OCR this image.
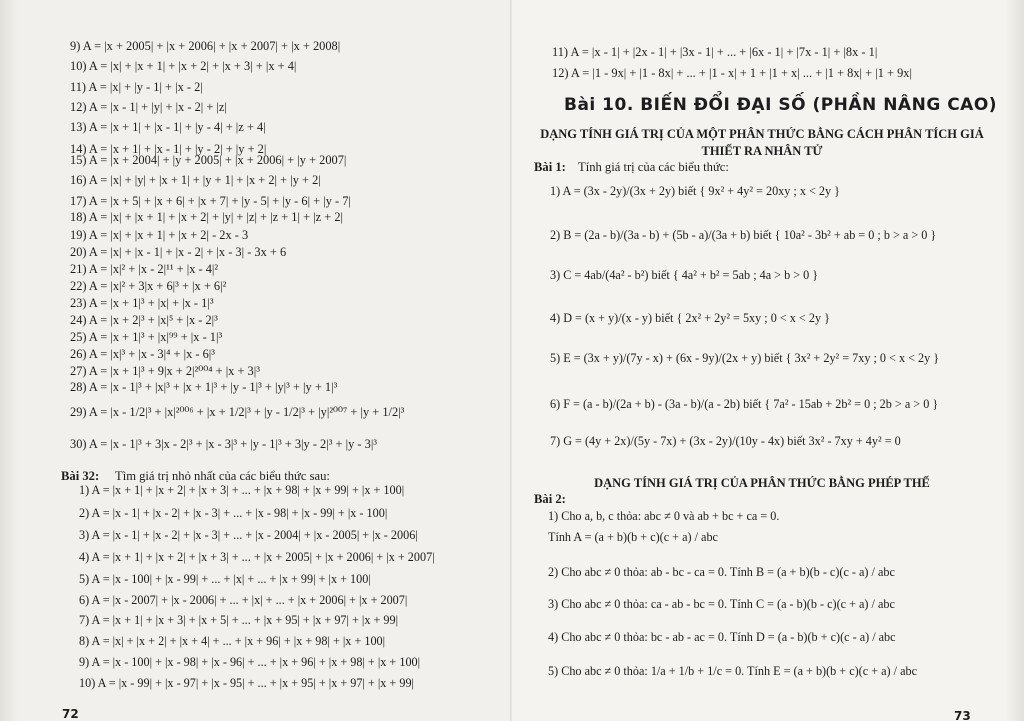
9) A = |x + 2005| + |x + 2006| + |x + 2007| + |x + 2008|
10) A = |x| + |x + 1| + |x + 2| + |x + 3| + |x + 4|
11) A = |x| + |y - 1| + |x - 2|
12) A = |x - 1| + |y| + |x - 2| + |z|
13) A = |x + 1| + |x - 1| + |y - 4| + |z + 4|
14) A = |x + 1| + |x - 1| + |y - 2| + |y + 2|
15) A = |x + 2004| + |y + 2005| + |x + 2006| + |y + 2007|
16) A = |x| + |y| + |x + 1| + |y + 1| + |x + 2| + |y + 2|
17) A = |x + 5| + |x + 6| + |x + 7| + |y - 5| + |y - 6| + |y - 7|
18) A = |x| + |x + 1| + |x + 2| + |y| + |z| + |z + 1| + |z + 2|
19) A = |x| + |x + 1| + |x + 2| - 2x - 3
20) A = |x| + |x - 1| + |x - 2| + |x - 3| - 3x + 6
21) A = |x|² + |x - 2|¹¹ + |x - 4|²
22) A = |x|² + 3|x + 6|³ + |x + 6|²
23) A = |x + 1|³ + |x| + |x - 1|³
24) A = |x + 2|³ + |x|⁵ + |x - 2|³
25) A = |x + 1|³ + |x|⁹⁹ + |x - 1|³
26) A = |x|³ + |x - 3|⁴ + |x - 6|³
27) A = |x + 1|³ + 9|x + 2|²⁰⁰⁴ + |x + 3|³
28) A = |x - 1|³ + |x|³ + |x + 1|³ + |y - 1|³ + |y|³ + |y + 1|³
29) A = |x - 1/2|³ + |x|²⁰⁰⁶ + |x + 1/2|³ + |y - 1/2|³ + |y|²⁰⁰⁷ + |y + 1/2|³
30) A = |x - 1|³ + 3|x - 2|³ + |x - 3|³ + |y - 1|³ + 3|y - 2|³ + |y - 3|³
Bài 32: Tìm giá trị nhỏ nhất của các biểu thức sau:
1) A = |x + 1| + |x + 2| + |x + 3| + ... + |x + 98| + |x + 99| + |x + 100|
2) A = |x - 1| + |x - 2| + |x - 3| + ... + |x - 98| + |x - 99| + |x - 100|
3) A = |x - 1| + |x - 2| + |x - 3| + ... + |x - 2004| + |x - 2005| + |x - 2006|
4) A = |x + 1| + |x + 2| + |x + 3| + ... + |x + 2005| + |x + 2006| + |x + 2007|
5) A = |x - 100| + |x - 99| + ... + |x| + ... + |x + 99| + |x + 100|
6) A = |x - 2007| + |x - 2006| + ... + |x| + ... + |x + 2006| + |x + 2007|
7) A = |x + 1| + |x + 3| + |x + 5| + ... + |x + 95| + |x + 97| + |x + 99|
8) A = |x| + |x + 2| + |x + 4| + ... + |x + 96| + |x + 98| + |x + 100|
9) A = |x - 100| + |x - 98| + |x - 96| + ... + |x + 96| + |x + 98| + |x + 100|
10) A = |x - 99| + |x - 97| + |x - 95| + ... + |x + 95| + |x + 97| + |x + 99|
72
11) A = |x - 1| + |2x - 1| + |3x - 1| + ... + |6x - 1| + |7x - 1| + |8x - 1|
12) A = |1 - 9x| + |1 - 8x| + ... + |1 - x| + 1 + |1 + x| ... + |1 + 8x| + |1 + 9x|
Bài 10. BIẾN ĐỔI ĐẠI SỐ (PHẦN NÂNG CAO)
DẠNG TÍNH GIÁ TRỊ CỦA MỘT PHÂN THỨC BẰNG CÁCH PHÂN TÍCH GIẢ THIẾT RA NHÂN TỬ
Bài 1: Tính giá trị của các biểu thức:
1) A = (3x - 2y)/(3x + 2y) biết { 9x² + 4y² = 20xy ; x < 2y }
2) B = (2a - b)/(3a - b) + (5b - a)/(3a + b) biết { 10a² - 3b² + ab = 0 ; b > a > 0 }
3) C = 4ab/(4a² - b²) biết { 4a² + b² = 5ab ; 4a > b > 0 }
4) D = (x + y)/(x - y) biết { 2x² + 2y² = 5xy ; 0 < x < 2y }
5) E = (3x + y)/(7y - x) + (6x - 9y)/(2x + y) biết { 3x² + 2y² = 7xy ; 0 < x < 2y }
6) F = (a - b)/(2a + b) - (3a - b)/(a - 2b) biết { 7a² - 15ab + 2b² = 0 ; 2b > a > 0 }
7) G = (4y + 2x)/(5y - 7x) + (3x - 2y)/(10y - 4x) biết 3x² - 7xy + 4y² = 0
DẠNG TÍNH GIÁ TRỊ CỦA PHÂN THỨC BẰNG PHÉP THẾ
Bài 2:
1) Cho a, b, c thỏa: abc ≠ 0 và ab + bc + ca = 0.
Tính A = (a + b)(b + c)(c + a) / abc
2) Cho abc ≠ 0 thỏa: ab - bc - ca = 0. Tính B = (a + b)(b - c)(c - a) / abc
3) Cho abc ≠ 0 thỏa: ca - ab - bc = 0. Tính C = (a - b)(b - c)(c + a) / abc
4) Cho abc ≠ 0 thỏa: bc - ab - ac = 0. Tính D = (a - b)(b + c)(c - a) / abc
5) Cho abc ≠ 0 thỏa: 1/a + 1/b + 1/c = 0. Tính E = (a + b)(b + c)(c + a) / abc
73
